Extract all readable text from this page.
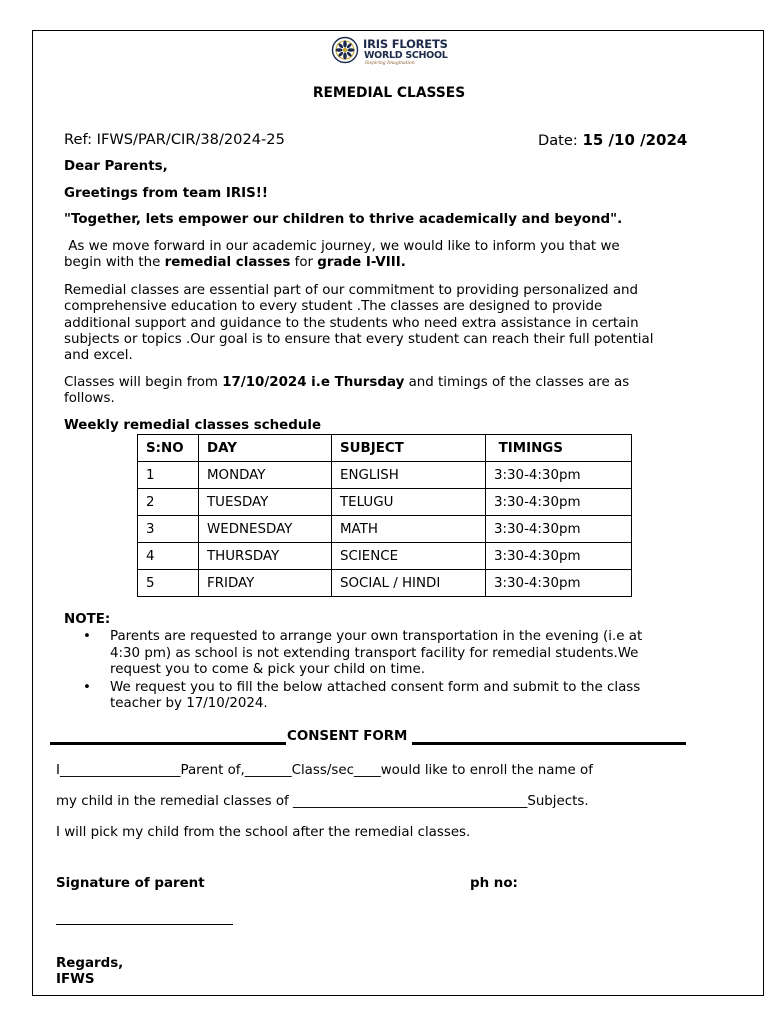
IRIS FLORETS
WORLD SCHOOL
Inspiring Imagination
REMEDIAL CLASSES
Ref: IFWS/PAR/CIR/38/2024-25	Date: 15 /10 /2024
Dear Parents,
Greetings from team IRIS!!
"Together, lets empower our children to thrive academically and beyond".

As we move forward in our academic journey, we would like to inform you that we

begin with the remedial classes for grade I-VIII.

Remedial classes are essential part of our commitment to providing personalized and

comprehensive education to every student .The classes are designed to provide

additional support and guidance to the students who need extra assistance in certain

subjects or topics .Our goal is to ensure that every student can reach their full potential

and excel.

Classes will begin from 17/10/2024 i.e Thursday and timings of the classes are as

follows.

Weekly remedial classes schedule
S:NO	DAY	SUBJECT	TIMINGS
1	MONDAY	ENGLISH	3:30-4:30pm
2	TUESDAY	TELUGU	3:30-4:30pm
3	WEDNESDAY	MATH	3:30-4:30pm
4	THURSDAY	SCIENCE	3:30-4:30pm
5	FRIDAY	SOCIAL / HINDI	3:30-4:30pm
NOTE:
• Parents are requested to arrange your own transportation in the evening (i.e at
4:30 pm) as school is not extending transport facility for remedial students.We
request you to come & pick your child on time.
• We request you to fill the below attached consent form and submit to the class
teacher by 17/10/2024.
CONSENT FORM
I__________________Parent of,_______Class/sec____would like to enroll the name of
my child in the remedial classes of ___________________________________Subjects.
I will pick my child from the school after the remedial classes.
Signature of parent	ph no:
Regards,
IFWS
